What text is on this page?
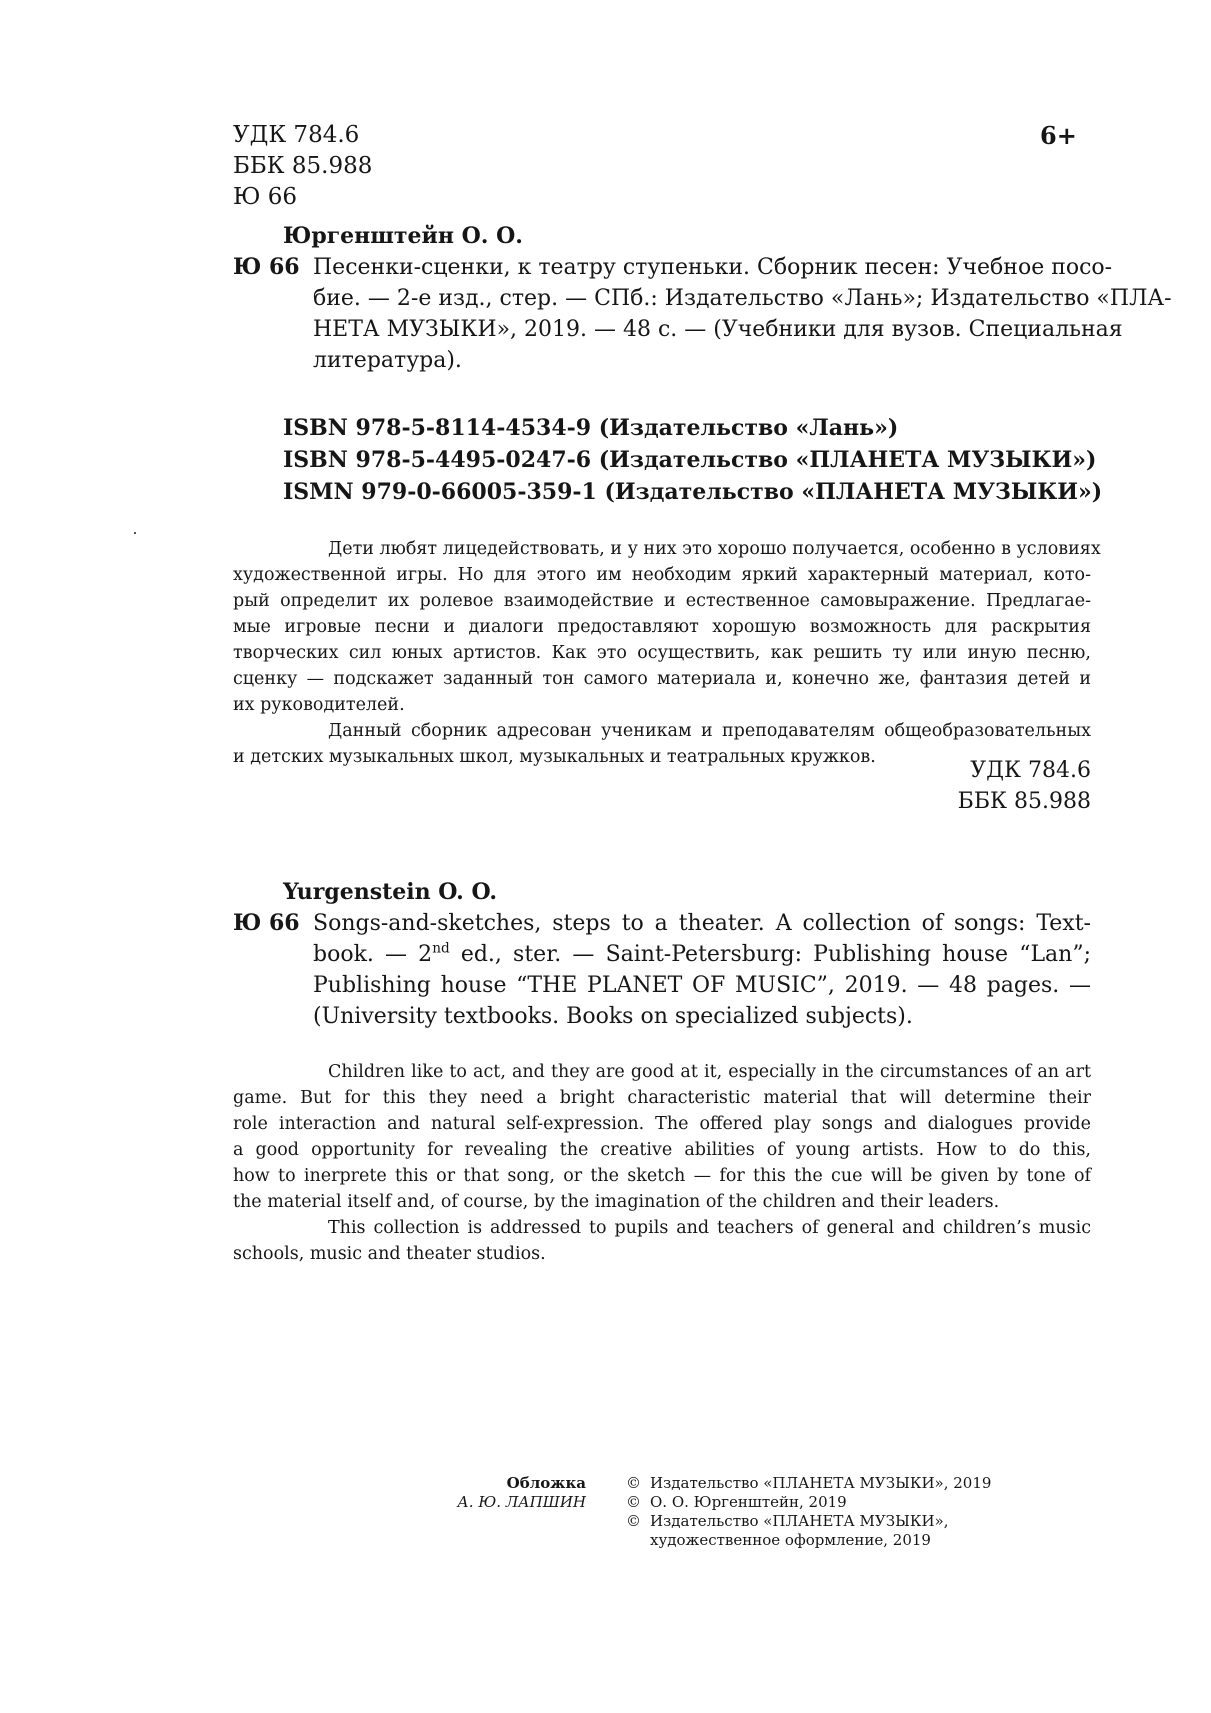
УДК 784.6
ББК 85.988
Ю 66
6+
Юргенштейн О. О.
Ю 66 Песенки-сценки, к театру ступеньки. Сборник песен: Учебное посо-
бие. — 2-е изд., стер. — СПб.: Издательство «Лань»; Издательство «ПЛА-
НЕТА МУЗЫКИ», 2019. — 48 с. — (Учебники для вузов. Специальная
литература).
ISBN 978-5-8114-4534-9 (Издательство «Лань»)
ISBN 978-5-4495-0247-6 (Издательство «ПЛАНЕТА МУЗЫКИ»)
ISMN 979-0-66005-359-1 (Издательство «ПЛАНЕТА МУЗЫКИ»)
Дети любят лицедействовать, и у них это хорошо получается, особенно в условиях
художественной игры. Но для этого им необходим яркий характерный материал, кото-
рый определит их ролевое взаимодействие и естественное самовыражение. Предлагае-
мые игровые песни и диалоги предоставляют хорошую возможность для раскрытия
творческих сил юных артистов. Как это осуществить, как решить ту или иную песню,
сценку — подскажет заданный тон самого материала и, конечно же, фантазия детей и
их руководителей.
Данный сборник адресован ученикам и преподавателям общеобразовательных
и детских музыкальных школ, музыкальных и театральных кружков.
УДК 784.6
ББК 85.988
Yurgenstein O. O.
Ю 66 Songs-and-sketches, steps to a theater. A collection of songs: Text-
book. — 2nd ed., ster. — Saint-Petersburg: Publishing house “Lan”;
Publishing house “THE PLANET OF MUSIC”, 2019. — 48 pages. —
(University textbooks. Books on specialized subjects).
Children like to act, and they are good at it, especially in the circumstances of an art
game. But for this they need a bright characteristic material that will determine their
role interaction and natural self-expression. The offered play songs and dialogues provide
a good opportunity for revealing the creative abilities of young artists. How to do this,
how to inerprete this or that song, or the sketch — for this the cue will be given by tone of
the material itself and, of course, by the imagination of the children and their leaders.
This collection is addressed to pupils and teachers of general and children’s music
schools, music and theater studios.
Обложка
А. Ю. ЛАПШИН
© Издательство «ПЛАНЕТА МУЗЫКИ», 2019
© О. О. Юргенштейн, 2019
© Издательство «ПЛАНЕТА МУЗЫКИ»,
художественное оформление, 2019
